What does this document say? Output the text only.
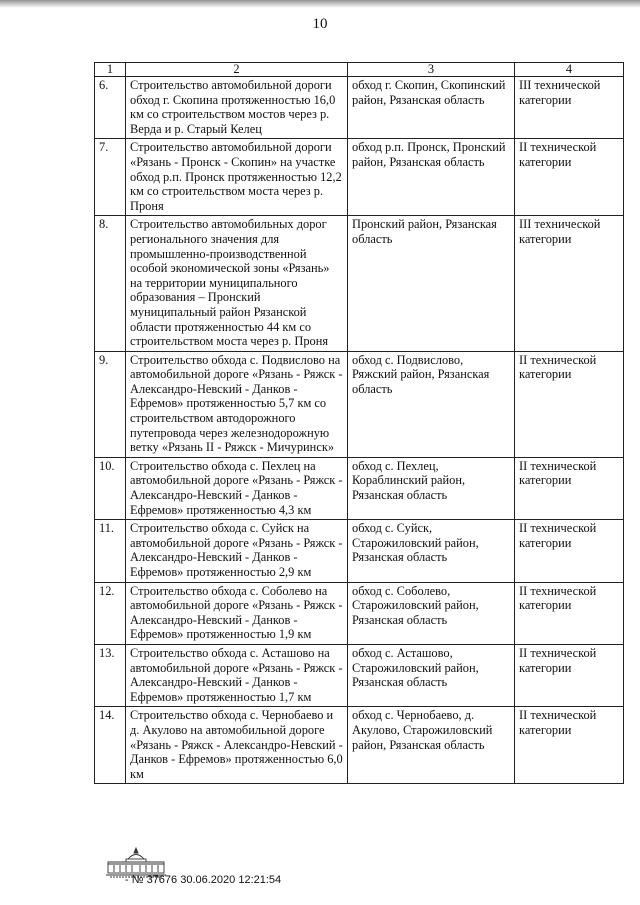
10
1	2	3	4
6.	Строительство автомобильной дороги обход г. Скопина протяженностью 16,0 км со строительством мостов через р. Верда и р. Старый Келец	обход г. Скопин, Скопинский район, Рязанская область	III технической категории
7.	Строительство автомобильной дороги «Рязань - Пронск - Скопин» на участке обход р.п. Пронск протяженностью 12,2 км со строительством моста через р. Проня	обход р.п. Пронск, Пронский район, Рязанская область	II технической категории
8.	Строительство автомобильных дорог регионального значения для промышленно-производственной особой экономической зоны «Рязань» на территории муниципального образования – Пронский муниципальный район Рязанской области протяженностью 44 км со строительством моста через р. Проня	Пронский район, Рязанская область	III технической категории
9.	Строительство обхода с. Подвислово на автомобильной дороге «Рязань - Ряжск - Александро-Невский - Данков - Ефремов» протяженностью 5,7 км со строительством автодорожного путепровода через железнодорожную ветку «Рязань II - Ряжск - Мичуринск»	обход с. Подвислово, Ряжский район, Рязанская область	II технической категории
10.	Строительство обхода с. Пехлец на автомобильной дороге «Рязань - Ряжск - Александро-Невский - Данков - Ефремов» протяженностью 4,3 км	обход с. Пехлец, Кораблинский район, Рязанская область	II технической категории
11.	Строительство обхода с. Суйск на автомобильной дороге «Рязань - Ряжск - Александро-Невский - Данков - Ефремов» протяженностью 2,9 км	обход с. Суйск, Старожиловский район, Рязанская область	II технической категории
12.	Строительство обхода с. Соболево на автомобильной дороге «Рязань - Ряжск - Александро-Невский - Данков - Ефремов» протяженностью 1,9 км	обход с. Соболево, Старожиловский район, Рязанская область	II технической категории
13.	Строительство обхода с. Асташово на автомобильной дороге «Рязань - Ряжск - Александро-Невский - Данков - Ефремов» протяженностью 1,7 км	обход с. Асташово, Старожиловский район, Рязанская область	II технической категории
14.	Строительство обхода с. Чернобаево и д. Акулово на автомобильной дороге «Рязань - Ряжск - Александро-Невский - Данков - Ефремов» протяженностью 6,0 км	обход с. Чернобаево, д. Акулово, Старожиловский район, Рязанская область	II технической категории
- № 37676 30.06.2020 12:21:54
